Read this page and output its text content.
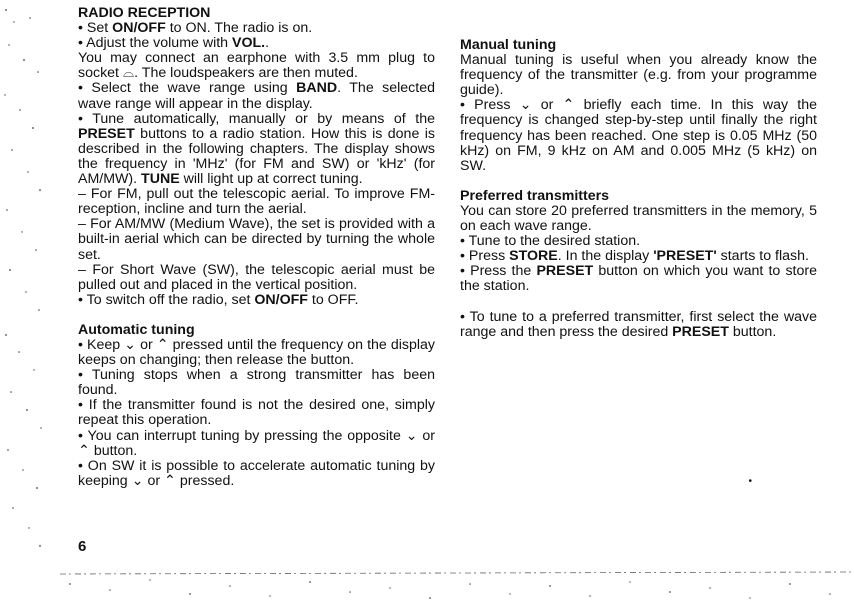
RADIO RECEPTION

• Set ON/OFF to ON. The radio is on.

• Adjust the volume with VOL..

You may connect an earphone with 3.5 mm plug to socket ⌓. The loudspeakers are then muted.

• Select the wave range using BAND. The selected wave range will appear in the display.

• Tune automatically, manually or by means of the PRESET buttons to a radio station. How this is done is described in the following chapters. The display shows the frequency in 'MHz' (for FM and SW) or 'kHz' (for AM/MW). TUNE will light up at correct tuning.

– For FM, pull out the telescopic aerial. To improve FM-reception, incline and turn the aerial.

– For AM/MW (Medium Wave), the set is provided with a built-in aerial which can be directed by turning the whole set.

– For Short Wave (SW), the telescopic aerial must be pulled out and placed in the vertical position.

• To switch off the radio, set ON/OFF to OFF.

Automatic tuning

• Keep ⌄ or ⌃ pressed until the frequency on the display keeps on changing; then release the button.

• Tuning stops when a strong transmitter has been found.

• If the transmitter found is not the desired one, simply repeat this operation.

• You can interrupt tuning by pressing the opposite ⌄ or ⌃ button.

• On SW it is possible to accelerate automatic tuning by keeping ⌄ or ⌃ pressed.

Manual tuning

Manual tuning is useful when you already know the frequency of the transmitter (e.g. from your programme guide).

• Press ⌄ or ⌃ briefly each time. In this way the frequency is changed step-by-step until finally the right frequency has been reached. One step is 0.05 MHz (50 kHz) on FM, 9 kHz on AM and 0.005 MHz (5 kHz) on SW.

Preferred transmitters

You can store 20 preferred transmitters in the memory, 5 on each wave range.

• Tune to the desired station.

• Press STORE. In the display 'PRESET' starts to flash.

• Press the PRESET button on which you want to store the station.

• To tune to a preferred transmitter, first select the wave range and then press the desired PRESET button.

6
•
